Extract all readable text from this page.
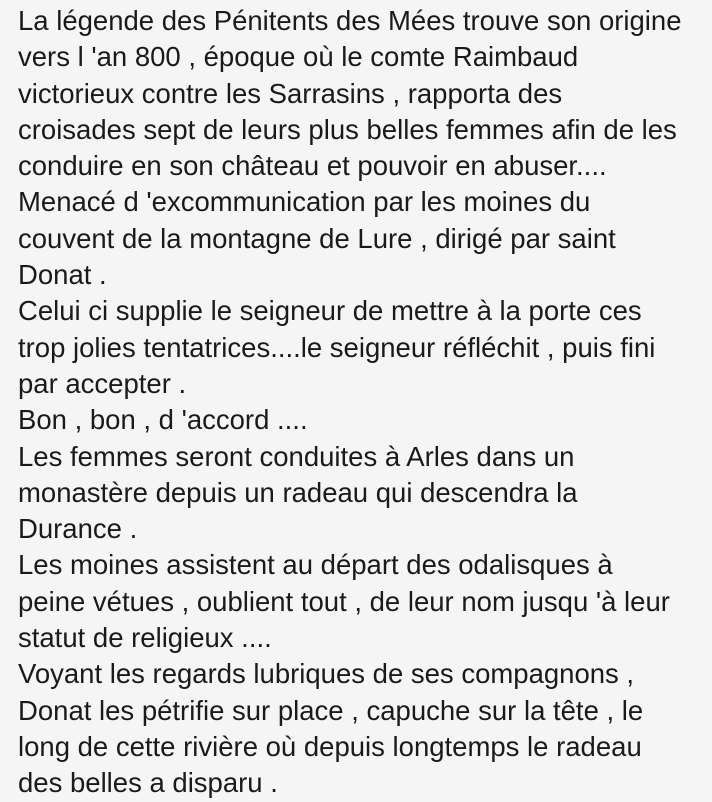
La légende des Pénitents des Mées trouve son origine
vers l 'an 800 , époque où le comte Raimbaud
victorieux contre les Sarrasins , rapporta des
croisades sept de leurs plus belles femmes afin de les
conduire en son château et pouvoir en abuser....
Menacé d 'excommunication par les moines du
couvent de la montagne de Lure , dirigé par saint
Donat .
Celui ci supplie le seigneur de mettre à la porte ces
trop jolies tentatrices....le seigneur réfléchit , puis fini
par accepter .
Bon , bon , d 'accord ....
Les femmes seront conduites à Arles dans un
monastère depuis un radeau qui descendra la
Durance .
Les moines assistent au départ des odalisques à
peine vétues , oublient tout , de leur nom jusqu 'à leur
statut de religieux ....
Voyant les regards lubriques de ses compagnons ,
Donat les pétrifie sur place , capuche sur la tête , le
long de cette rivière où depuis longtemps le radeau
des belles a disparu .
